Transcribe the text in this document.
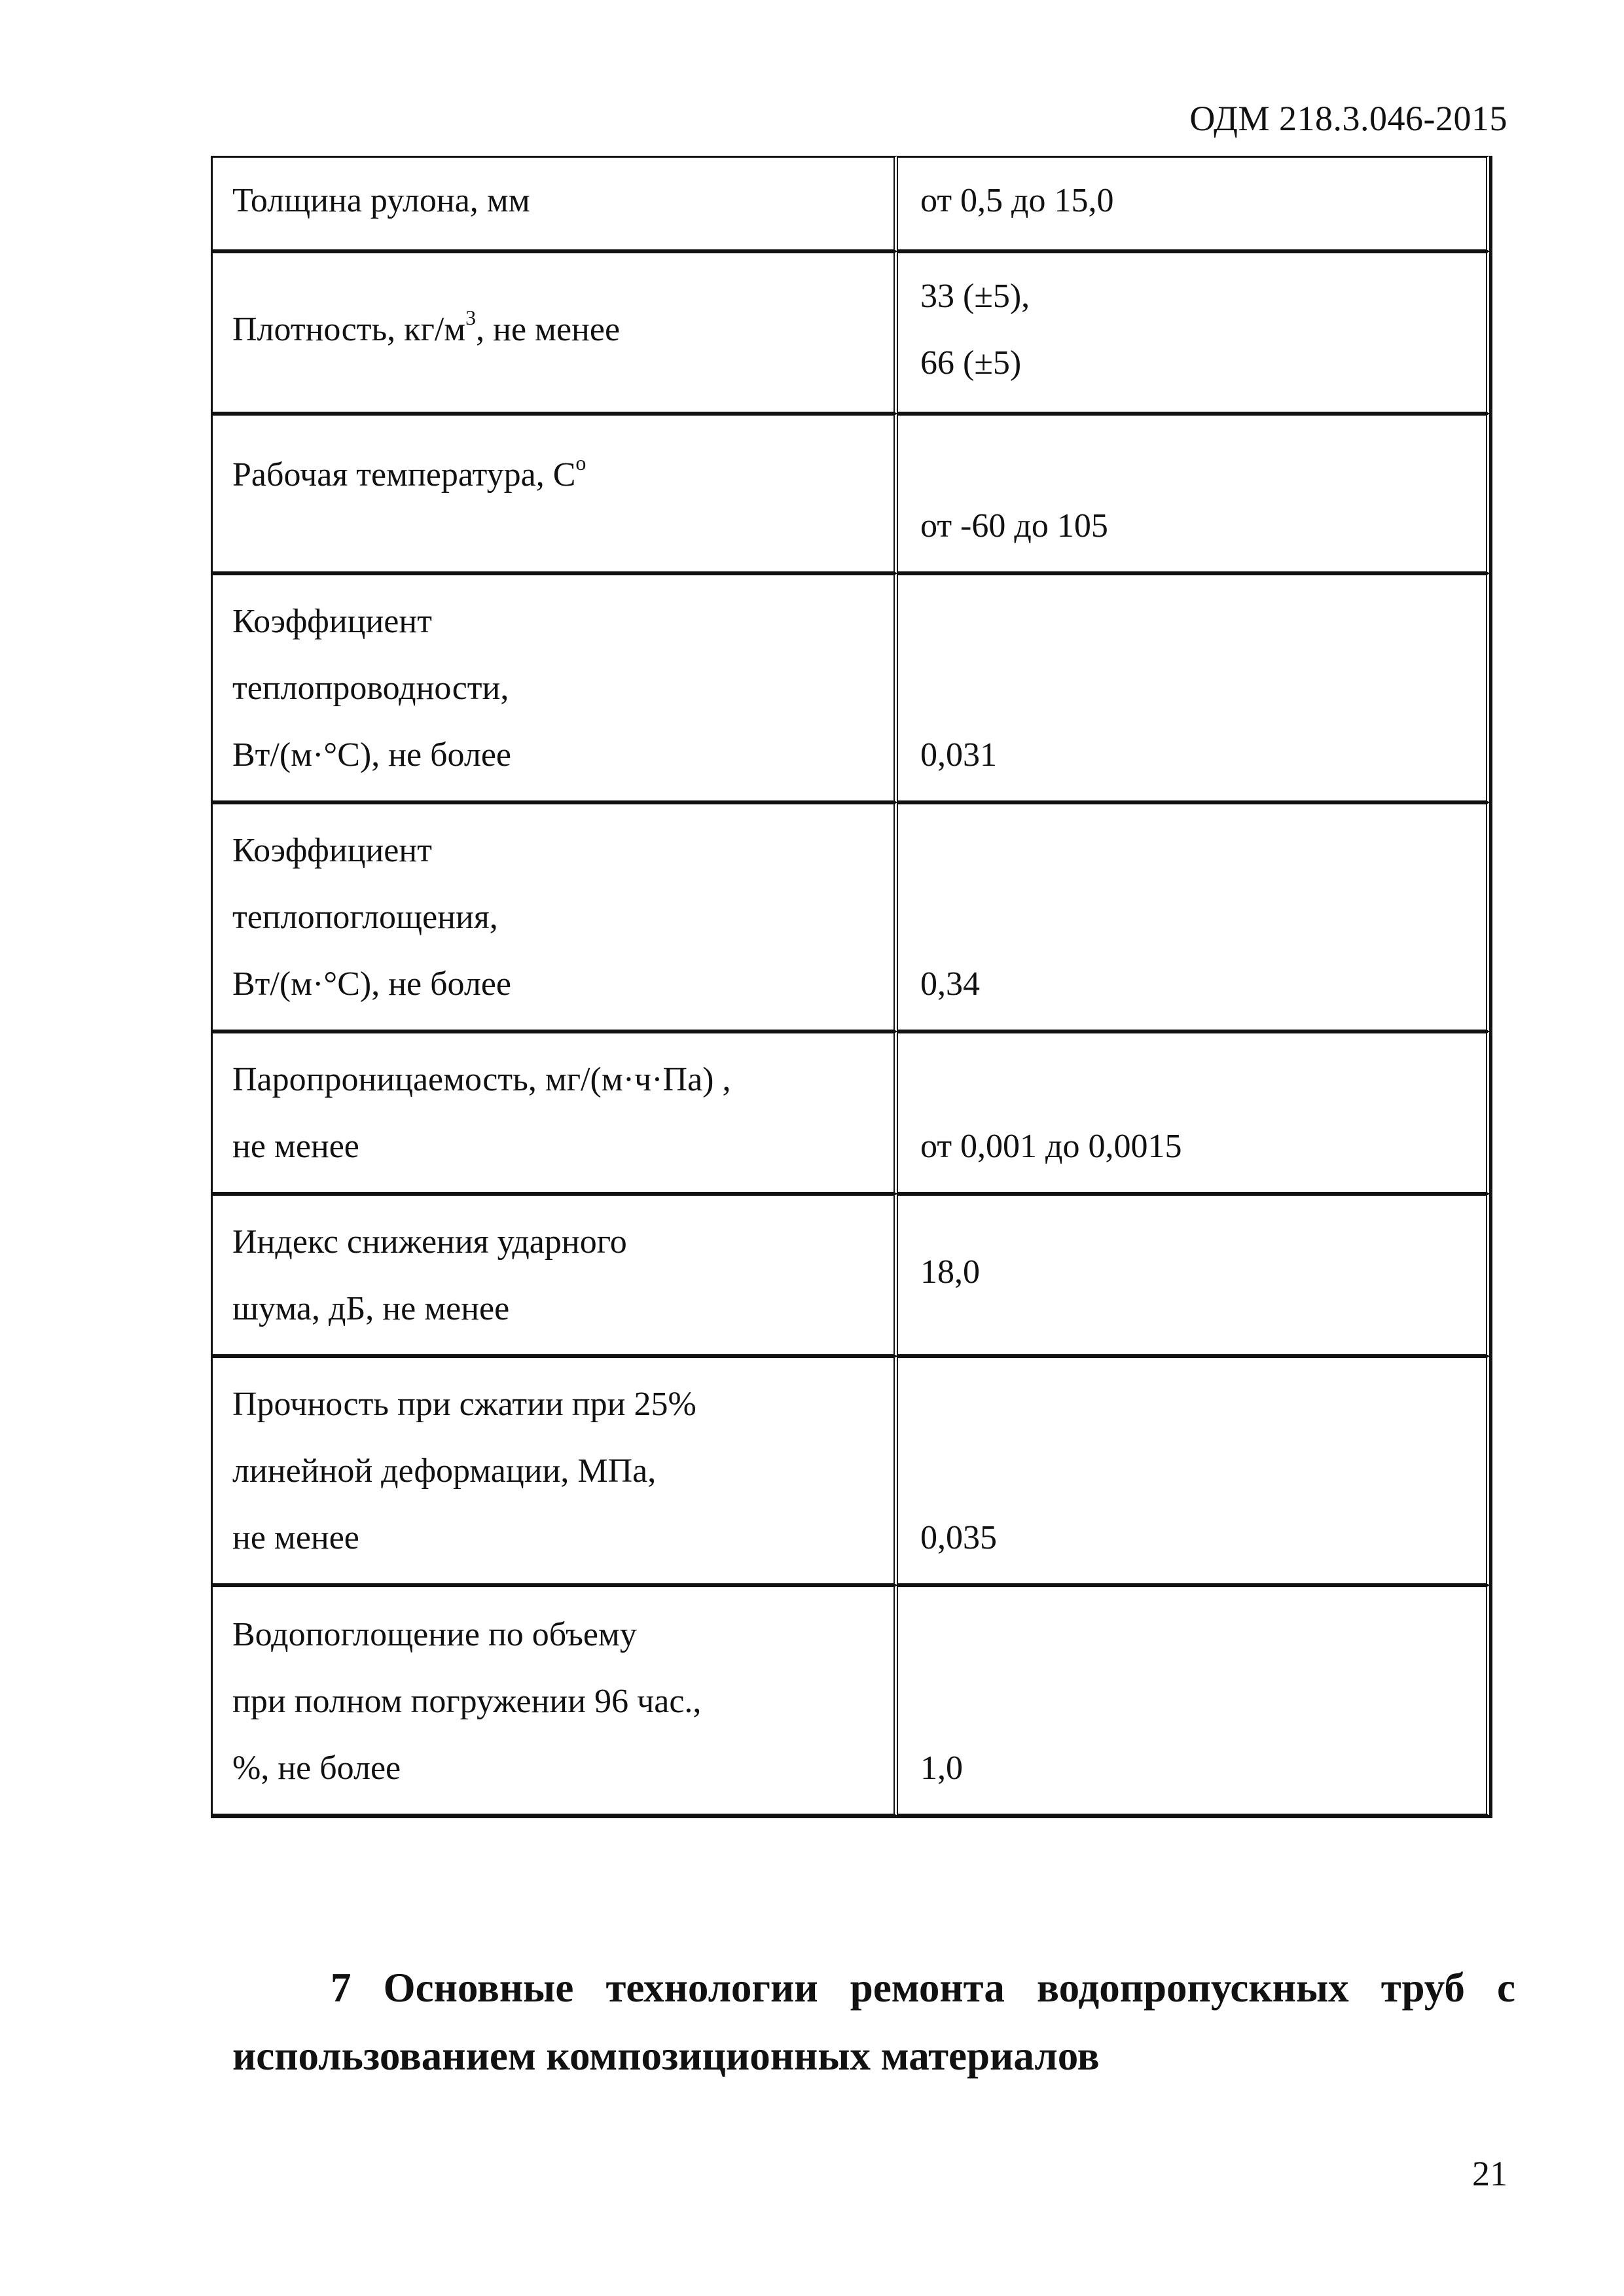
ОДМ 218.3.046-2015
Толщина рулона, мм	от 0,5 до 15,0

Плотность, $кг/м^3$, не менее	33 (±5),
66 (±5)

Рабочая температура, $С^о$	от -60 до 105

Коэффициент
теплопроводности,
Вт/(м·°С), не более	0,031

Коэффициент
теплопоглощения,
Вт/(м·°С), не более	0,34

Паропроницаемость, мг/(м·ч·Па) ,
не менее	от 0,001 до 0,0015

Индекс снижения ударного
шума, дБ, не менее	18,0

Прочность при сжатии при 25%
линейной деформации, МПа,
не менее	0,035

Водопоглощение по объему
при полном погружении 96 час.,
%, не более	1,0
7 Основные технологии ремонта водопропускных труб с использованием композиционных материалов
21
